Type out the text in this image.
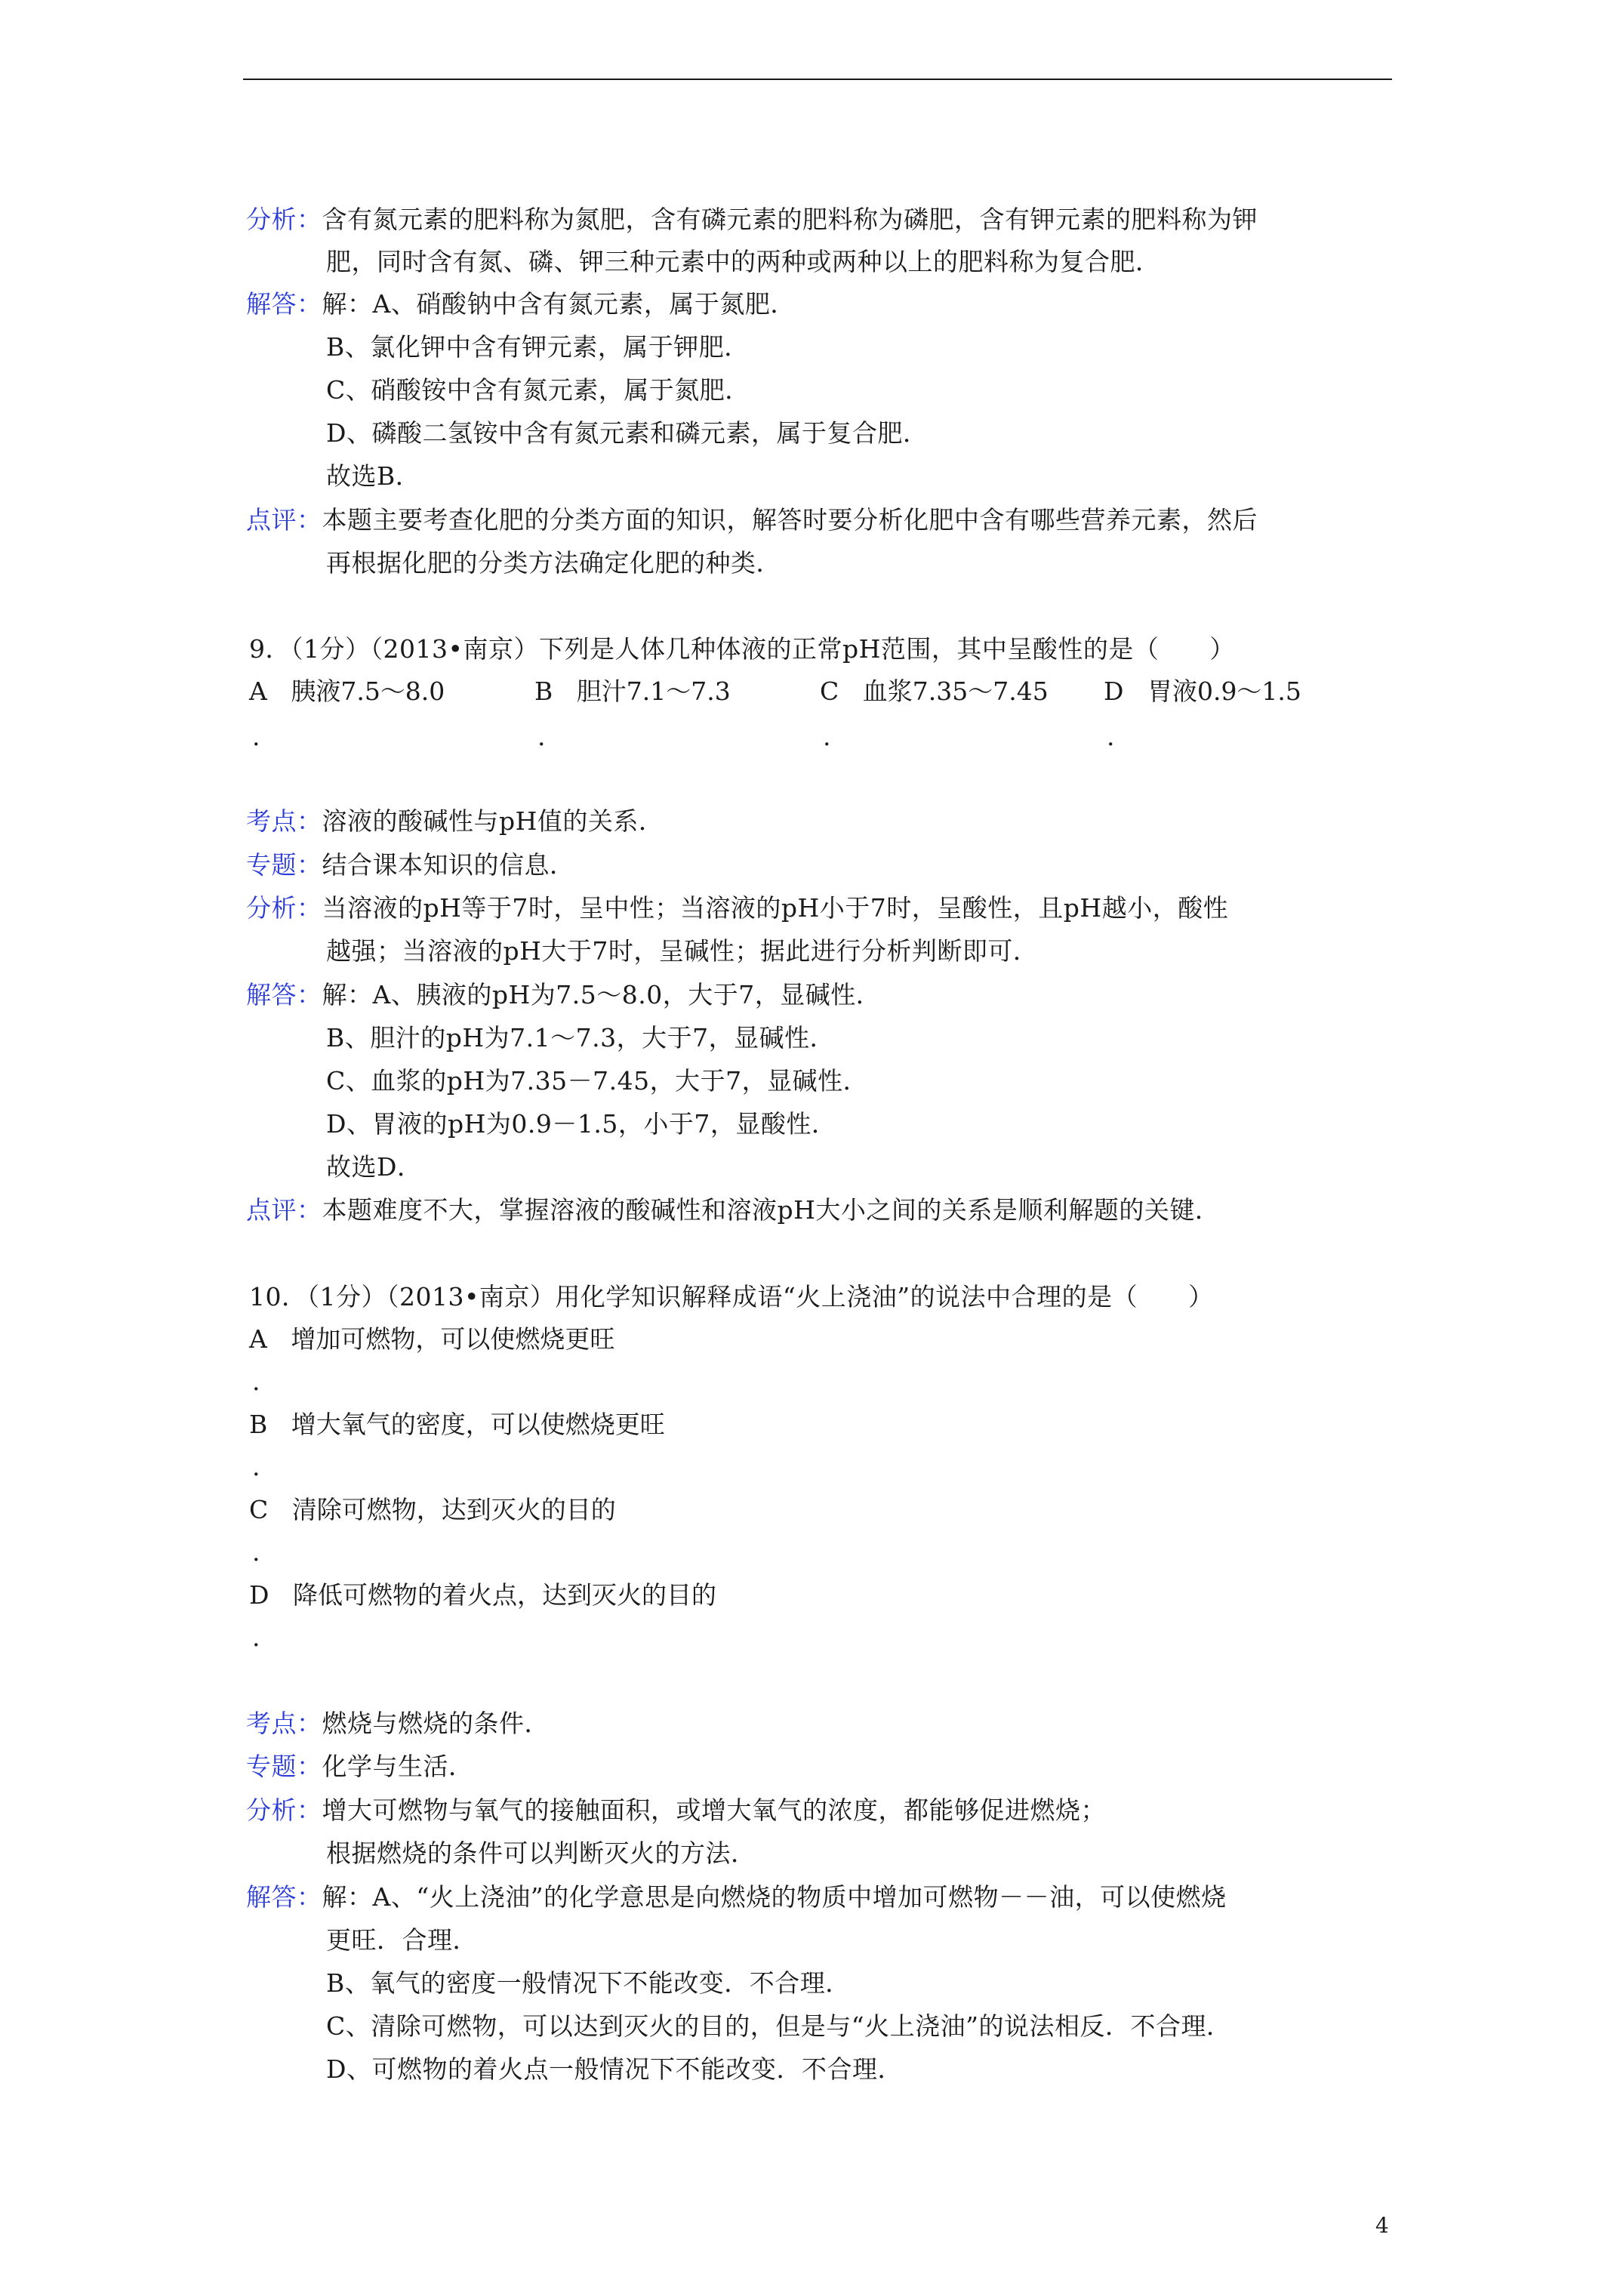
分析：含有氮元素的肥料称为氮肥，含有磷元素的肥料称为磷肥，含有钾元素的肥料称为钾
肥，同时含有氮、磷、钾三种元素中的两种或两种以上的肥料称为复合肥．
解答：解：A、硝酸钠中含有氮元素，属于氮肥．
B、氯化钾中含有钾元素，属于钾肥．
C、硝酸铵中含有氮元素，属于氮肥．
D、磷酸二氢铵中含有氮元素和磷元素，属于复合肥．
故选B．
点评：本题主要考查化肥的分类方面的知识，解答时要分析化肥中含有哪些营养元素，然后
再根据化肥的分类方法确定化肥的种类．
9．（1分）（2013•南京）下列是人体几种体液的正常pH范围，其中呈酸性的是（　　）
A 胰液7.5～8.0	B 胆汁7.1～7.3	C 血浆7.35～7.45 D 胃液0.9～1.5
.	.	.	.
考点：溶液的酸碱性与pH值的关系．
专题：结合课本知识的信息．
分析：当溶液的pH等于7时，呈中性；当溶液的pH小于7时，呈酸性，且pH越小，酸性
越强；当溶液的pH大于7时，呈碱性；据此进行分析判断即可．
解答：解：A、胰液的pH为7.5～8.0，大于7，显碱性．
B、胆汁的pH为7.1～7.3，大于7，显碱性．
C、血浆的pH为7.35－7.45，大于7，显碱性．
D、胃液的pH为0.9－1.5，小于7，显酸性．
故选D．
点评：本题难度不大，掌握溶液的酸碱性和溶液pH大小之间的关系是顺利解题的关键．
10．（1分）（2013•南京）用化学知识解释成语“火上浇油”的说法中合理的是（　　）
A 增加可燃物，可以使燃烧更旺
.
B 增大氧气的密度，可以使燃烧更旺
.
C 清除可燃物，达到灭火的目的
.
D 降低可燃物的着火点，达到灭火的目的
.
考点：燃烧与燃烧的条件．
专题：化学与生活．
分析：增大可燃物与氧气的接触面积，或增大氧气的浓度，都能够促进燃烧；
根据燃烧的条件可以判断灭火的方法．
解答：解：A、“火上浇油”的化学意思是向燃烧的物质中增加可燃物－－油，可以使燃烧
更旺．合理．
B、氧气的密度一般情况下不能改变．不合理．
C、清除可燃物，可以达到灭火的目的，但是与“火上浇油”的说法相反．不合理．
D、可燃物的着火点一般情况下不能改变．不合理．
4
